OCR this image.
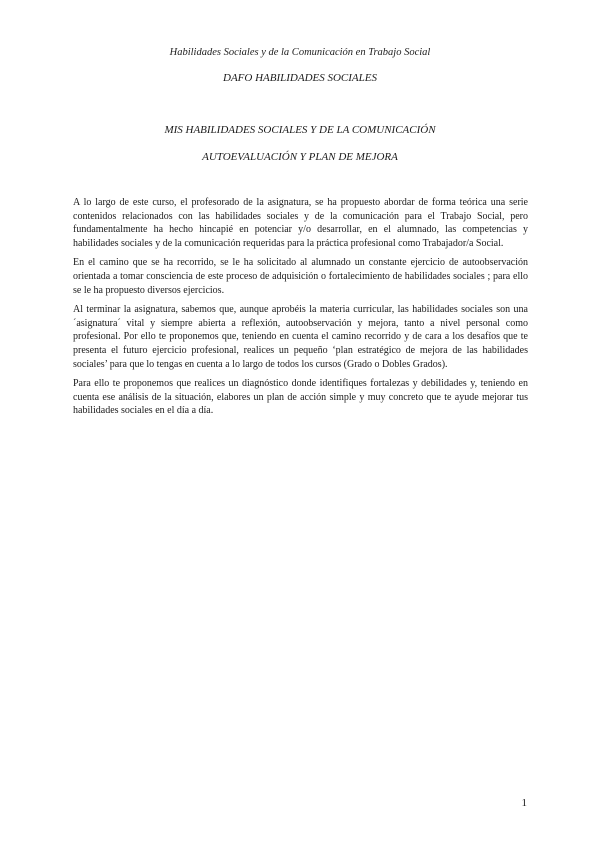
Habilidades Sociales y de la Comunicación en Trabajo Social
DAFO HABILIDADES SOCIALES
MIS HABILIDADES SOCIALES Y DE LA COMUNICACIÓN
AUTOEVALUACIÓN Y PLAN DE MEJORA

A lo largo de este curso, el profesorado de la asignatura, se ha propuesto abordar de forma teórica una serie contenidos relacionados con las habilidades sociales y de la comunicación para el Trabajo Social, pero fundamentalmente ha hecho hincapié en potenciar y/o desarrollar, en el alumnado, las competencias y habilidades sociales y de la comunicación requeridas para la práctica profesional como Trabajador/a Social.

En el camino que se ha recorrido, se le ha solicitado al alumnado un constante ejercicio de autoobservación orientada a tomar consciencia de este proceso de adquisición o fortalecimiento de habilidades sociales ; para ello se le ha propuesto diversos ejercicios.

Al terminar la asignatura, sabemos que, aunque aprobéis la materia curricular, las habilidades sociales son una ´asignatura´ vital y siempre abierta a reflexión, autoobservación y mejora, tanto a nivel personal como profesional. Por ello te proponemos que, teniendo en cuenta el camino recorrido y de cara a los desafíos que te presenta el futuro ejercicio profesional, realices un pequeño ‘plan estratégico de mejora de las habilidades sociales’ para que lo tengas en cuenta a lo largo de todos los cursos (Grado o Dobles Grados).

Para ello te proponemos que realices un diagnóstico donde identifiques fortalezas y debilidades y, teniendo en cuenta ese análisis de la situación, elabores un plan de acción simple y muy concreto que te ayude mejorar tus habilidades sociales en el día a día.

1
